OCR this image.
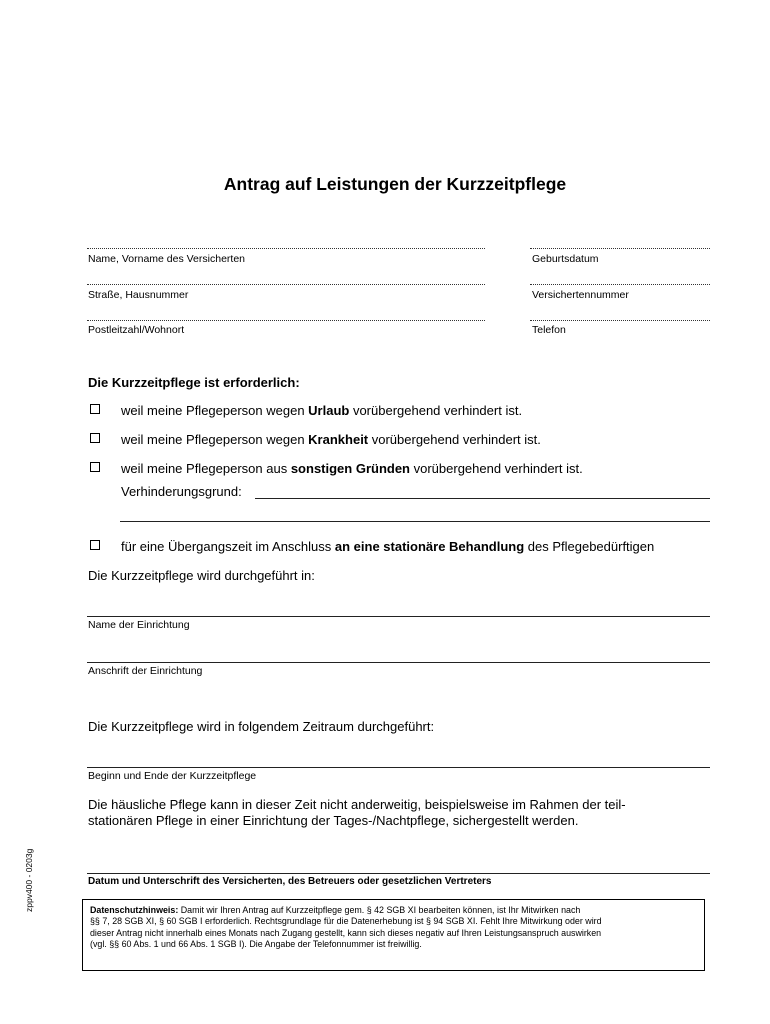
Antrag auf Leistungen der Kurzzeitpflege
Name, Vorname des Versicherten	Geburtsdatum
Straße, Hausnummer	Versichertennummer
Postleitzahl/Wohnort	Telefon
Die Kurzzeitpflege ist erforderlich:
weil meine Pflegeperson wegen Urlaub vorübergehend verhindert ist.
weil meine Pflegeperson wegen Krankheit vorübergehend verhindert ist.
weil meine Pflegeperson aus sonstigen Gründen vorübergehend verhindert ist.
Verhinderungsgrund:
für eine Übergangszeit im Anschluss an eine stationäre Behandlung des Pflegebedürftigen
Die Kurzzeitpflege wird durchgeführt in:
Name der Einrichtung
Anschrift der Einrichtung
Die Kurzzeitpflege wird in folgendem Zeitraum durchgeführt:
Beginn und Ende der Kurzzeitpflege
Die häusliche Pflege kann in dieser Zeit nicht anderweitig, beispielsweise im Rahmen der teil-
stationären Pflege in einer Einrichtung der Tages-/Nachtpflege, sichergestellt werden.
Datum und Unterschrift des Versicherten, des Betreuers oder gesetzlichen Vertreters

Datenschutzhinweis: Damit wir Ihren Antrag auf Kurzzeitpflege gem. § 42 SGB XI bearbeiten können, ist Ihr Mitwirken nach

§§ 7, 28 SGB XI, § 60 SGB I erforderlich. Rechtsgrundlage für die Datenerhebung ist § 94 SGB XI. Fehlt Ihre Mitwirkung oder wird

dieser Antrag nicht innerhalb eines Monats nach Zugang gestellt, kann sich dieses negativ auf Ihren Leistungsanspruch auswirken

(vgl. §§ 60 Abs. 1 und 66 Abs. 1 SGB I). Die Angabe der Telefonnummer ist freiwillig.

zppv400 - 0203g
